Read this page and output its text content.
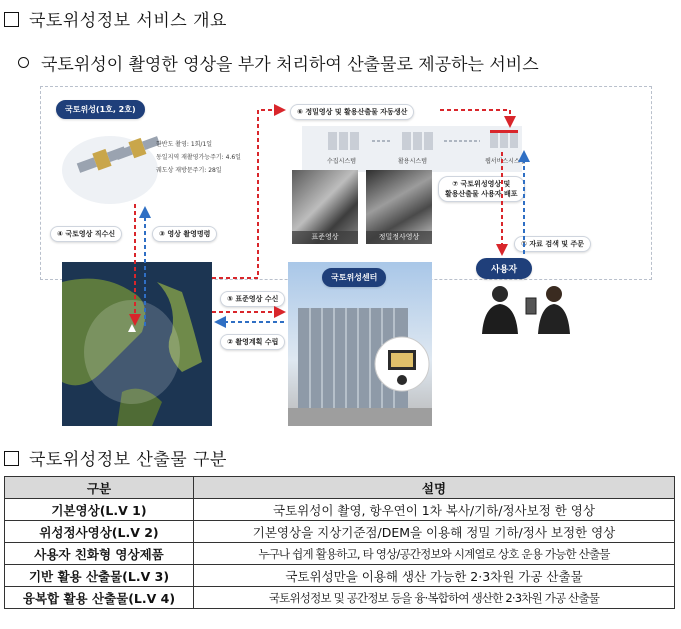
국토위성정보 서비스 개요
국토위성이 촬영한 영상을 부가 처리하여 산출물로 제공하는 서비스
국토위성(1호, 2호)
한반도 촬영: 1회/1일
동일지역 재촬영가능주기: 4.6일
궤도상 재방문주기: 28일
④ 국토영상 직수신	③ 영상 촬영명령
⑥ 정밀영상 및 활용산출물 자동생산
수집시스템	활용시스템	웹서비스시스템
표준영상	정밀정사영상
⑦ 국토위성영상 및
활용산출물 사용자 배포
① 자료 검색 및 주문
사용자
⑤ 표준영상 수신
② 촬영계획 수립
국토위성센터
국토위성정보 산출물 구분
구분	설명
기본영상(L.V 1)	국토위성이 촬영, 항우연이 1차 복사/기하/정사보정 한 영상
위성정사영상(L.V 2)	기본영상을 지상기준점/DEM을 이용해 정밀 기하/정사 보정한 영상
사용자 친화형 영상제품	누구나 쉽게 활용하고, 타 영상/공간정보와 시계열로 상호 운용 가능한 산출물
기반 활용 산출물(L.V 3)	국토위성만을 이용해 생산 가능한 2·3차원 가공 산출물
융복합 활용 산출물(L.V 4)	국토위성정보 및 공간정보 등을 융·복합하여 생산한 2·3차원 가공 산출물
